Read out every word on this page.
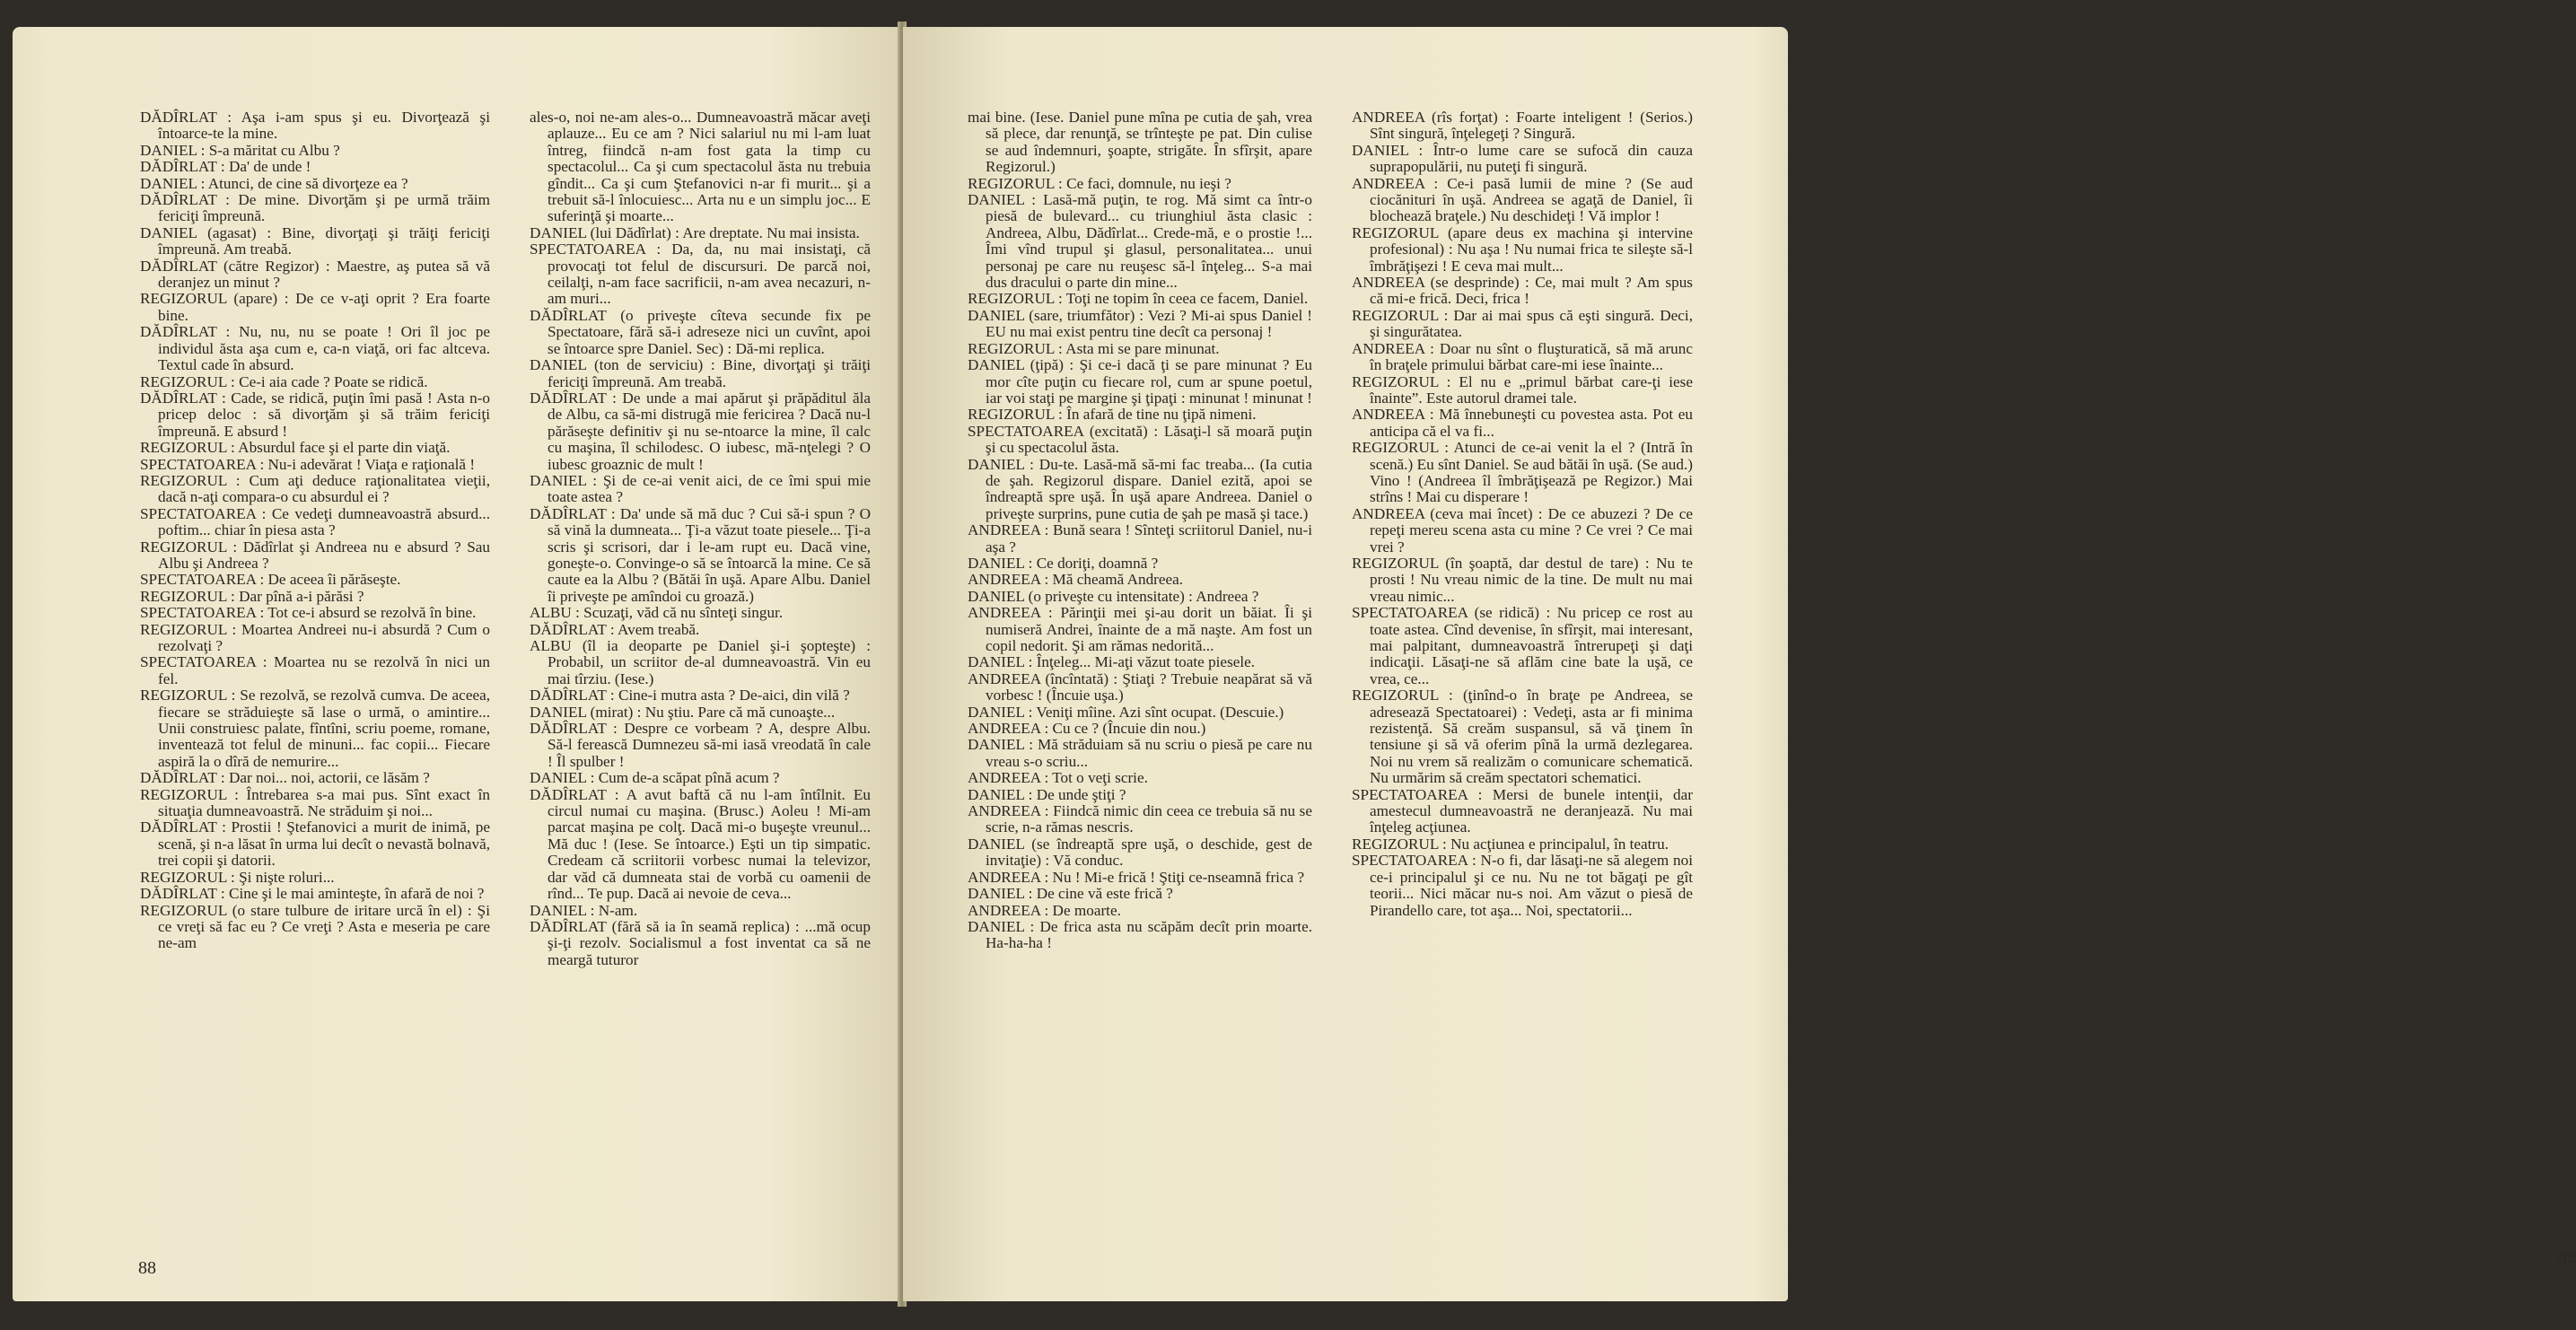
DĂDÎRLAT : Aşa i-am spus şi eu. Divorţează şi întoarce-te la mine.

DANIEL : S-a măritat cu Albu ?

DĂDÎRLAT : Da' de unde !

DANIEL : Atunci, de cine să divorţeze ea ?

DĂDÎRLAT : De mine. Divorţăm şi pe urmă trăim fericiţi împreună.

DANIEL (agasat) : Bine, divorţaţi şi trăiţi fericiţi împreună. Am treabă.

DĂDÎRLAT (către Regizor) : Maestre, aş putea să vă deranjez un minut ?

REGIZORUL (apare) : De ce v-aţi oprit ? Era foarte bine.

DĂDÎRLAT : Nu, nu, nu se poate ! Ori îl joc pe individul ăsta aşa cum e, ca-n viaţă, ori fac altceva. Textul cade în absurd.

REGIZORUL : Ce-i aia cade ? Poate se ridică.

DĂDÎRLAT : Cade, se ridică, puţin îmi pasă ! Asta n-o pricep deloc : să divorţăm şi să trăim fericiţi împreună. E absurd !

REGIZORUL : Absurdul face şi el parte din viaţă.

SPECTATOAREA : Nu-i adevărat ! Viaţa e raţională !

REGIZORUL : Cum aţi deduce raţionalitatea vieţii, dacă n-aţi compara-o cu absurdul ei ?

SPECTATOAREA : Ce vedeţi dumneavoastră absurd... poftim... chiar în piesa asta ?

REGIZORUL : Dădîrlat şi Andreea nu e absurd ? Sau Albu şi Andreea ?

SPECTATOAREA : De aceea îi părăseşte.

REGIZORUL : Dar pînă a-i părăsi ?

SPECTATOAREA : Tot ce-i absurd se rezolvă în bine.

REGIZORUL : Moartea Andreei nu-i absurdă ? Cum o rezolvaţi ?

SPECTATOAREA : Moartea nu se rezolvă în nici un fel.

REGIZORUL : Se rezolvă, se rezolvă cumva. De aceea, fiecare se străduieşte să lase o urmă, o amintire... Unii construiesc palate, fîntîni, scriu poeme, romane, inventează tot felul de minuni... fac copii... Fiecare aspiră la o dîră de nemurire...

DĂDÎRLAT : Dar noi... noi, actorii, ce lăsăm ?

REGIZORUL : Întrebarea s-a mai pus. Sînt exact în situaţia dumneavoastră. Ne străduim şi noi...

DĂDÎRLAT : Prostii ! Ştefanovici a murit de inimă, pe scenă, şi n-a lăsat în urma lui decît o nevastă bolnavă, trei copii şi datorii.

REGIZORUL : Şi nişte roluri...

DĂDÎRLAT : Cine şi le mai aminteşte, în afară de noi ?

REGIZORUL (o stare tulbure de iritare urcă în el) : Şi ce vreţi să fac eu ? Ce vreţi ? Asta e meseria pe care ne-am

ales-o, noi ne-am ales-o... Dumneavoastră măcar aveţi aplauze... Eu ce am ? Nici salariul nu mi l-am luat întreg, fiindcă n-am fost gata la timp cu spectacolul... Ca şi cum spectacolul ăsta nu trebuia gîndit... Ca şi cum Ştefanovici n-ar fi murit... şi a trebuit să-l înlocuiesc... Arta nu e un simplu joc... E suferinţă şi moarte...

DANIEL (lui Dădîrlat) : Are dreptate. Nu mai insista.

SPECTATOAREA : Da, da, nu mai insistaţi, că provocaţi tot felul de discursuri. De parcă noi, ceilalţi, n-am face sacrificii, n-am avea necazuri, n-am muri...

DĂDÎRLAT (o priveşte cîteva secunde fix pe Spectatoare, fără să-i adreseze nici un cuvînt, apoi se întoarce spre Daniel. Sec) : Dă-mi replica.

DANIEL (ton de serviciu) : Bine, divorţaţi şi trăiţi fericiţi împreună. Am treabă.

DĂDÎRLAT : De unde a mai apărut şi prăpăditul ăla de Albu, ca să-mi distrugă mie fericirea ? Dacă nu-l părăseşte definitiv şi nu se-ntoarce la mine, îl calc cu maşina, îl schilodesc. O iubesc, mă-nţelegi ? O iubesc groaznic de mult !

DANIEL : Şi de ce-ai venit aici, de ce îmi spui mie toate astea ?

DĂDÎRLAT : Da' unde să mă duc ? Cui să-i spun ? O să vină la dumneata... Ţi-a văzut toate piesele... Ţi-a scris şi scrisori, dar i le-am rupt eu. Dacă vine, goneşte-o. Convinge-o să se întoarcă la mine. Ce să caute ea la Albu ? (Bătăi în uşă. Apare Albu. Daniel îi priveşte pe amîndoi cu groază.)

ALBU : Scuzaţi, văd că nu sînteţi singur.

DĂDÎRLAT : Avem treabă.

ALBU (îl ia deoparte pe Daniel şi-i şopteşte) : Probabil, un scriitor de-al dumneavoastră. Vin eu mai tîrziu. (Iese.)

DĂDÎRLAT : Cine-i mutra asta ? De-aici, din vilă ?

DANIEL (mirat) : Nu ştiu. Pare că mă cunoaşte...

DĂDÎRLAT : Despre ce vorbeam ? A, despre Albu. Să-l ferească Dumnezeu să-mi iasă vreodată în cale ! Îl spulber !

DANIEL : Cum de-a scăpat pînă acum ?

DĂDÎRLAT : A avut baftă că nu l-am întîlnit. Eu circul numai cu maşina. (Brusc.) Aoleu ! Mi-am parcat maşina pe colţ. Dacă mi-o buşeşte vreunul... Mă duc ! (Iese. Se întoarce.) Eşti un tip simpatic. Credeam că scriitorii vorbesc numai la televizor, dar văd că dumneata stai de vorbă cu oamenii de rînd... Te pup. Dacă ai nevoie de ceva...

DANIEL : N-am.

DĂDÎRLAT (fără să ia în seamă replica) : ...mă ocup şi-ţi rezolv. Socialismul a fost inventat ca să ne meargă tuturor

88

mai bine. (Iese. Daniel pune mîna pe cutia de şah, vrea să plece, dar renunţă, se trînteşte pe pat. Din culise se aud îndemnuri, şoapte, strigăte. În sfîrşit, apare Regizorul.)

REGIZORUL : Ce faci, domnule, nu ieşi ?

DANIEL : Lasă-mă puţin, te rog. Mă simt ca într-o piesă de bulevard... cu triunghiul ăsta clasic : Andreea, Albu, Dădîrlat... Crede-mă, e o prostie !... Îmi vînd trupul şi glasul, personalitatea... unui personaj pe care nu reuşesc să-l înţeleg... S-a mai dus dracului o parte din mine...

REGIZORUL : Toţi ne topim în ceea ce facem, Daniel.

DANIEL (sare, triumfător) : Vezi ? Mi-ai spus Daniel ! EU nu mai exist pentru tine decît ca personaj !

REGIZORUL : Asta mi se pare minunat.

DANIEL (ţipă) : Şi ce-i dacă ţi se pare minunat ? Eu mor cîte puţin cu fiecare rol, cum ar spune poetul, iar voi staţi pe margine şi ţipaţi : minunat ! minunat !

REGIZORUL : În afară de tine nu ţipă nimeni.

SPECTATOAREA (excitată) : Lăsaţi-l să moară puţin şi cu spectacolul ăsta.

DANIEL : Du-te. Lasă-mă să-mi fac treaba... (Ia cutia de şah. Regizorul dispare. Daniel ezită, apoi se îndreaptă spre uşă. În uşă apare Andreea. Daniel o priveşte surprins, pune cutia de şah pe masă şi tace.)

ANDREEA : Bună seara ! Sînteţi scriitorul Daniel, nu-i aşa ?

DANIEL : Ce doriţi, doamnă ?

ANDREEA : Mă cheamă Andreea.

DANIEL (o priveşte cu intensitate) : Andreea ?

ANDREEA : Părinţii mei şi-au dorit un băiat. Îi şi numiseră Andrei, înainte de a mă naşte. Am fost un copil nedorit. Şi am rămas nedorită...

DANIEL : Înţeleg... Mi-aţi văzut toate piesele.

ANDREEA (încîntată) : Ştiaţi ? Trebuie neapărat să vă vorbesc ! (Încuie uşa.)

DANIEL : Veniţi mîine. Azi sînt ocupat. (Descuie.)

ANDREEA : Cu ce ? (Încuie din nou.)

DANIEL : Mă străduiam să nu scriu o piesă pe care nu vreau s-o scriu...

ANDREEA : Tot o veţi scrie.

DANIEL : De unde ştiţi ?

ANDREEA : Fiindcă nimic din ceea ce trebuia să nu se scrie, n-a rămas nescris.

DANIEL (se îndreaptă spre uşă, o deschide, gest de invitaţie) : Vă conduc.

ANDREEA : Nu ! Mi-e frică ! Ştiţi ce-nseamnă frica ?

DANIEL : De cine vă este frică ?

ANDREEA : De moarte.

DANIEL : De frica asta nu scăpăm decît prin moarte. Ha-ha-ha !

ANDREEA (rîs forţat) : Foarte inteligent ! (Serios.) Sînt singură, înţelegeţi ? Singură.

DANIEL : Într-o lume care se sufocă din cauza suprapopulării, nu puteţi fi singură.

ANDREEA : Ce-i pasă lumii de mine ? (Se aud ciocănituri în uşă. Andreea se agaţă de Daniel, îi blochează braţele.) Nu deschideţi ! Vă implor !

REGIZORUL (apare deus ex machina şi intervine profesional) : Nu aşa ! Nu numai frica te sileşte să-l îmbrăţişezi ! E ceva mai mult...

ANDREEA (se desprinde) : Ce, mai mult ? Am spus că mi-e frică. Deci, frica !

REGIZORUL : Dar ai mai spus că eşti singură. Deci, şi singurătatea.

ANDREEA : Doar nu sînt o fluşturatică, să mă arunc în braţele primului bărbat care-mi iese înainte...

REGIZORUL : El nu e „primul bărbat care-ţi iese înainte”. Este autorul dramei tale.

ANDREEA : Mă înnebuneşti cu povestea asta. Pot eu anticipa că el va fi...

REGIZORUL : Atunci de ce-ai venit la el ? (Intră în scenă.) Eu sînt Daniel. Se aud bătăi în uşă. (Se aud.) Vino ! (Andreea îl îmbrăţişează pe Regizor.) Mai strîns ! Mai cu disperare !

ANDREEA (ceva mai încet) : De ce abuzezi ? De ce repeţi mereu scena asta cu mine ? Ce vrei ? Ce mai vrei ?

REGIZORUL (în şoaptă, dar destul de tare) : Nu te prosti ! Nu vreau nimic de la tine. De mult nu mai vreau nimic...

SPECTATOAREA (se ridică) : Nu pricep ce rost au toate astea. Cînd devenise, în sfîrşit, mai interesant, mai palpitant, dumneavoastră întrerupeţi şi daţi indicaţii. Lăsaţi-ne să aflăm cine bate la uşă, ce vrea, ce...

REGIZORUL : (ţinînd-o în braţe pe Andreea, se adresează Spectatoarei) : Vedeţi, asta ar fi minima rezistenţă. Să creăm suspansul, să vă ţinem în tensiune şi să vă oferim pînă la urmă dezlegarea. Noi nu vrem să realizăm o comunicare schematică. Nu urmărim să creăm spectatori schematici.

SPECTATOAREA : Mersi de bunele intenţii, dar amestecul dumneavoastră ne deranjează. Nu mai înţeleg acţiunea.

REGIZORUL : Nu acţiunea e principalul, în teatru.

SPECTATOAREA : N-o fi, dar lăsaţi-ne să alegem noi ce-i principalul şi ce nu. Nu ne tot băgaţi pe gît teorii... Nici măcar nu-s noi. Am văzut o piesă de Pirandello care, tot aşa... Noi, spectatorii...

89
